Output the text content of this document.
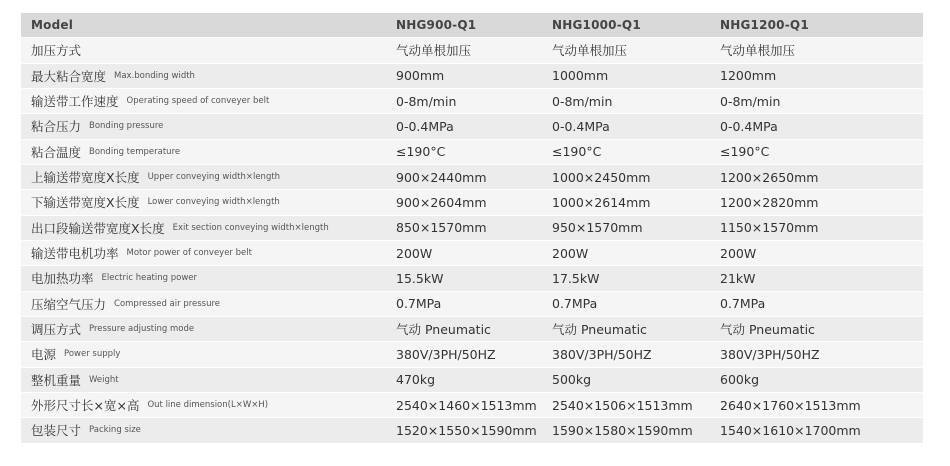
Model	NHG900-Q1	NHG1000-Q1	NHG1200-Q1
加压方式	气动单根加压	气动单根加压	气动单根加压
最大粘合宽度 Max.bonding width	900mm	1000mm	1200mm
输送带工作速度 Operating speed of conveyer belt	0-8m/min	0-8m/min	0-8m/min
粘合压力 Bonding pressure	0-0.4MPa	0-0.4MPa	0-0.4MPa
粘合温度 Bonding temperature	≤190°C	≤190°C	≤190°C
上输送带宽度X长度 Upper conveying width×length	900×2440mm	1000×2450mm	1200×2650mm
下输送带宽度X长度 Lower conveying width×length	900×2604mm	1000×2614mm	1200×2820mm
出口段输送带宽度X长度 Exit section conveying width×length	850×1570mm	950×1570mm	1150×1570mm
输送带电机功率 Motor power of conveyer belt	200W	200W	200W
电加热功率 Electric heating power	15.5kW	17.5kW	21kW
压缩空气压力 Compressed air pressure	0.7MPa	0.7MPa	0.7MPa
调压方式 Pressure adjusting mode	气动 Pneumatic	气动 Pneumatic	气动 Pneumatic
电源 Power supply	380V/3PH/50HZ	380V/3PH/50HZ	380V/3PH/50HZ
整机重量 Weight	470kg	500kg	600kg
外形尺寸长×宽×高 Out line dimension(L×W×H)	2540×1460×1513mm 2540×1506×1513mm 2640×1760×1513mm
包装尺寸 Packing size	1520×1550×1590mm 1590×1580×1590mm 1540×1610×1700mm
